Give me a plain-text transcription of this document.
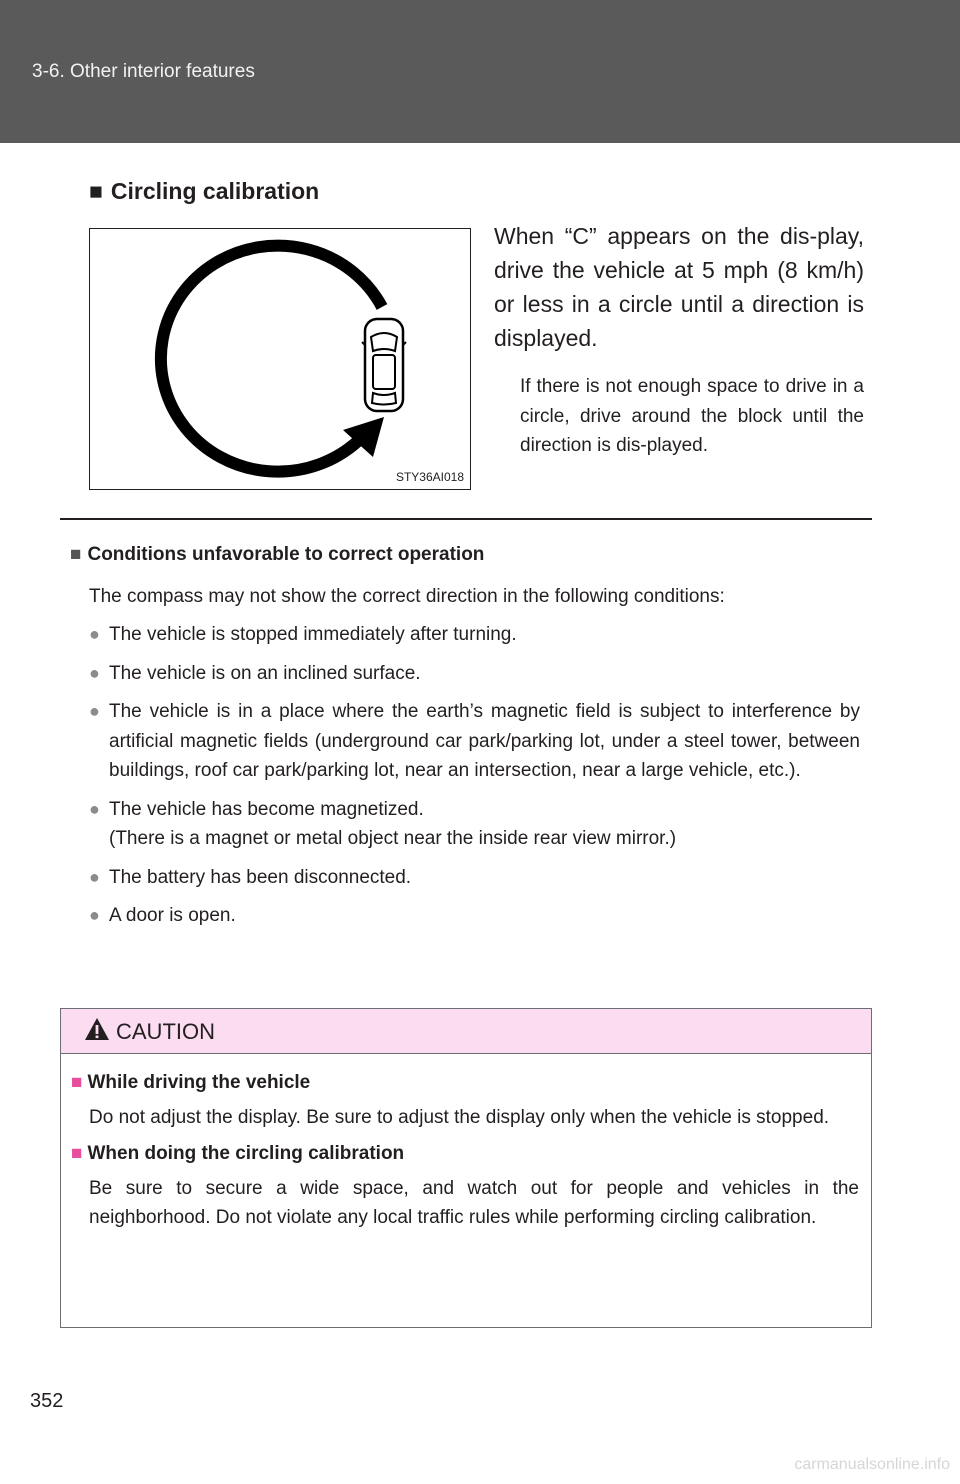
3-6. Other interior features
■ Circling calibration
STY36AI018

When “C” appears on the dis-play, drive the vehicle at 5 mph (8 km/h) or less in a circle until a direction is displayed.

If there is not enough space to drive in a circle, drive around the block until the direction is dis-played.

■ Conditions unfavorable to correct operation

The compass may not show the correct direction in the following conditions:

● The vehicle is stopped immediately after turning.
● The vehicle is on an inclined surface.
● The vehicle is in a place where the earth’s magnetic field is subject to interference by artificial magnetic fields (underground car park/parking lot, under a steel tower, between buildings, roof car park/parking lot, near an intersection, near a large vehicle, etc.).
● The vehicle has become magnetized.
(There is a magnet or metal object near the inside rear view mirror.)
● The battery has been disconnected.
● A door is open.
CAUTION
■ While driving the vehicle

Do not adjust the display. Be sure to adjust the display only when the vehicle is stopped.

■ When doing the circling calibration

Be sure to secure a wide space, and watch out for people and vehicles in the neighborhood. Do not violate any local traffic rules while performing circling calibration.

352
carmanualsonline.info
